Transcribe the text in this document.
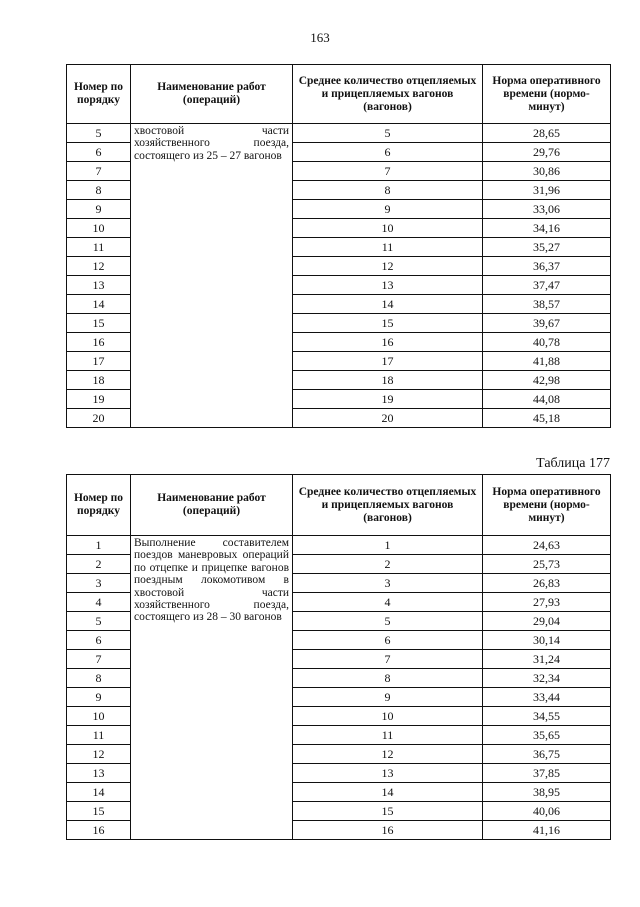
163
Номер по порядку	Наименование работ (операций)	Среднее количество отцепляемых и прицепляемых вагонов (вагонов)	Норма оперативного времени (нормо-минут)
5	хвостовой части хозяйственного поезда, состоящего из 25 – 27 вагонов	5	28,65
6		6	29,76
7		7	30,86
8		8	31,96
9		9	33,06
10		10	34,16
11		11	35,27
12		12	36,37
13		13	37,47
14		14	38,57
15		15	39,67
16		16	40,78
17		17	41,88
18		18	42,98
19		19	44,08
20		20	45,18
Таблица 177
Номер по порядку	Наименование работ (операций)	Среднее количество отцепляемых и прицепляемых вагонов (вагонов)	Норма оперативного времени (нормо-минут)
1	Выполнение составителем поездов маневровых операций по отцепке и прицепке вагонов поездным локомотивом в хвостовой части хозяйственного поезда, состоящего из 28 – 30 вагонов	1	24,63
2		2	25,73
3		3	26,83
4		4	27,93
5		5	29,04
6		6	30,14
7		7	31,24
8		8	32,34
9		9	33,44
10		10	34,55
11		11	35,65
12		12	36,75
13		13	37,85
14		14	38,95
15		15	40,06
16		16	41,16
